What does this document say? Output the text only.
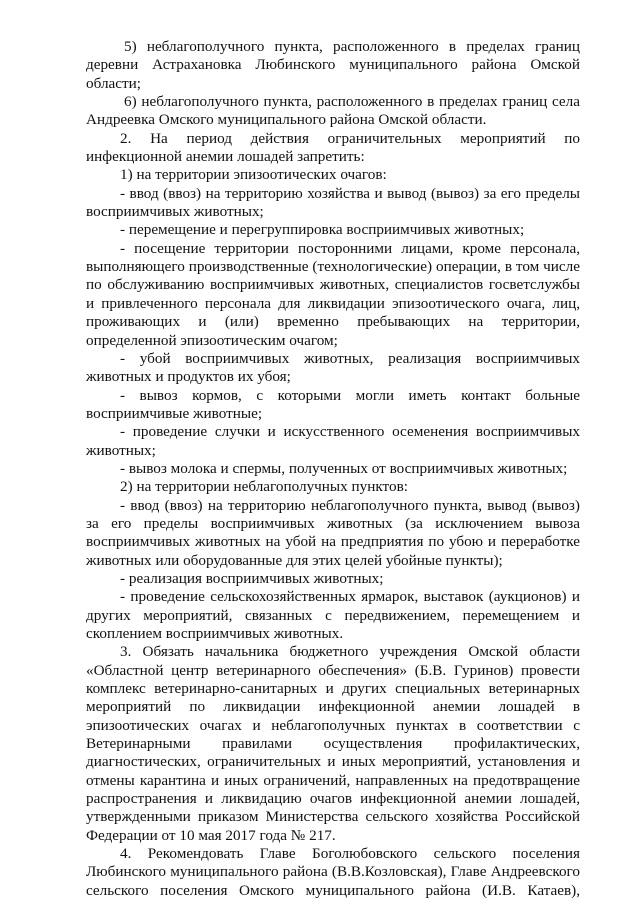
5) неблагополучного пункта, расположенного в пределах границ деревни Астрахановка Любинского муниципального района Омской области;

6) неблагополучного пункта, расположенного в пределах границ села Андреевка Омского муниципального района Омской области.

2. На период действия ограничительных мероприятий по инфекционной анемии лошадей запретить:

1) на территории эпизоотических очагов:

- ввод (ввоз) на территорию хозяйства и вывод (вывоз) за его пределы восприимчивых животных;

- перемещение и перегруппировка восприимчивых животных;

- посещение территории посторонними лицами, кроме персонала, выполняющего производственные (технологические) операции, в том числе по обслуживанию восприимчивых животных, специалистов госветслужбы и привлеченного персонала для ликвидации эпизоотического очага, лиц, проживающих и (или) временно пребывающих на территории, определенной эпизоотическим очагом;

- убой восприимчивых животных, реализация восприимчивых животных и продуктов их убоя;

- вывоз кормов, с которыми могли иметь контакт больные восприимчивые животные;

- проведение случки и искусственного осеменения восприимчивых животных;

- вывоз молока и спермы, полученных от восприимчивых животных;

2) на территории неблагополучных пунктов:

- ввод (ввоз) на территорию неблагополучного пункта, вывод (вывоз) за его пределы восприимчивых животных (за исключением вывоза восприимчивых животных на убой на предприятия по убою и переработке животных или оборудованные для этих целей убойные пункты);

- реализация восприимчивых животных;

- проведение сельскохозяйственных ярмарок, выставок (аукционов) и других мероприятий, связанных с передвижением, перемещением и скоплением восприимчивых животных.

3. Обязать начальника бюджетного учреждения Омской области «Областной центр ветеринарного обеспечения» (Б.В. Гуринов) провести комплекс ветеринарно-санитарных и других специальных ветеринарных мероприятий по ликвидации инфекционной анемии лошадей в эпизоотических очагах и неблагополучных пунктах в соответствии с Ветеринарными правилами осуществления профилактических, диагностических, ограничительных и иных мероприятий, установления и отмены карантина и иных ограничений, направленных на предотвращение распространения и ликвидацию очагов инфекционной анемии лошадей, утвержденными приказом Министерства сельского хозяйства Российской Федерации от 10 мая 2017 года № 217.

4. Рекомендовать Главе Боголюбовского сельского поселения Любинского муниципального района (В.В.Козловская), Главе Андреевского сельского поселения Омского муниципального района (И.В. Катаев),
